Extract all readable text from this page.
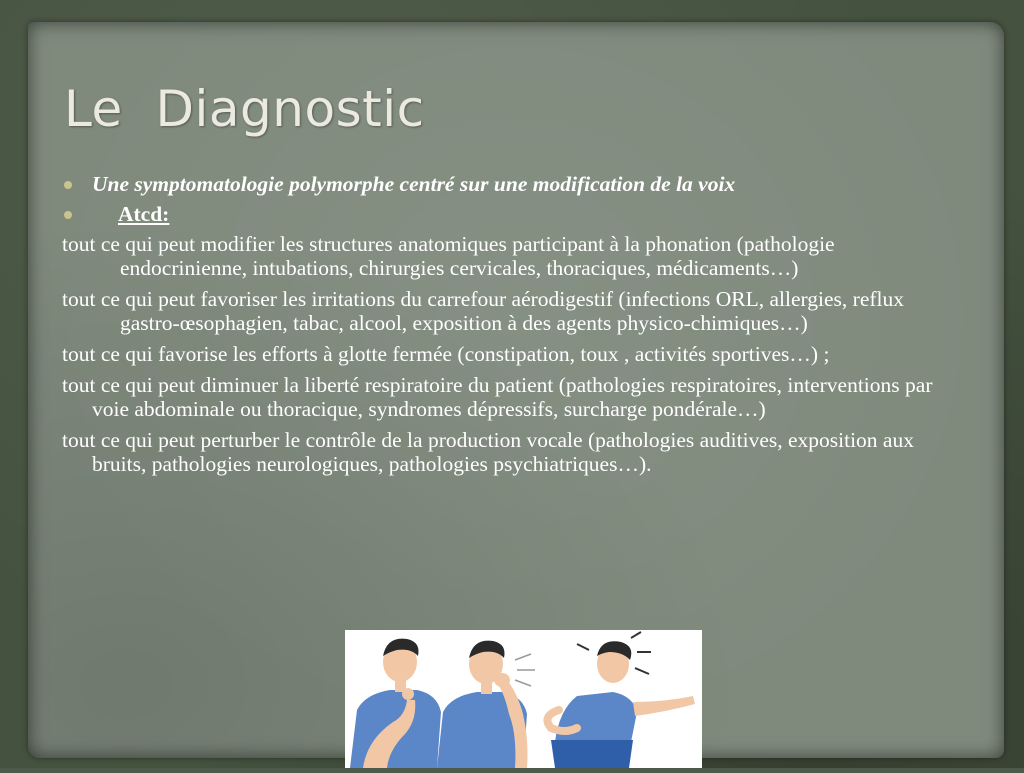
Le  Diagnostic
Une symptomatologie polymorphe centré sur une modification de la voix
Atcd:
tout ce qui peut modifier les structures anatomiques participant à la phonation (pathologie endocrinienne, intubations, chirurgies cervicales, thoraciques, médicaments…)
tout ce qui peut favoriser les irritations du carrefour aérodigestif (infections ORL, allergies, reflux gastro-œsophagien, tabac, alcool, exposition à des agents physico-chimiques…)
tout ce qui favorise les efforts à glotte fermée (constipation, toux , activités sportives…) ;
tout ce qui peut diminuer la liberté respiratoire du patient (pathologies respiratoires, interventions par voie abdominale ou thoracique, syndromes dépressifs, surcharge pondérale…)
tout ce qui peut perturber le contrôle de la production vocale (pathologies auditives, exposition aux bruits, pathologies neurologiques, pathologies psychiatriques…).
